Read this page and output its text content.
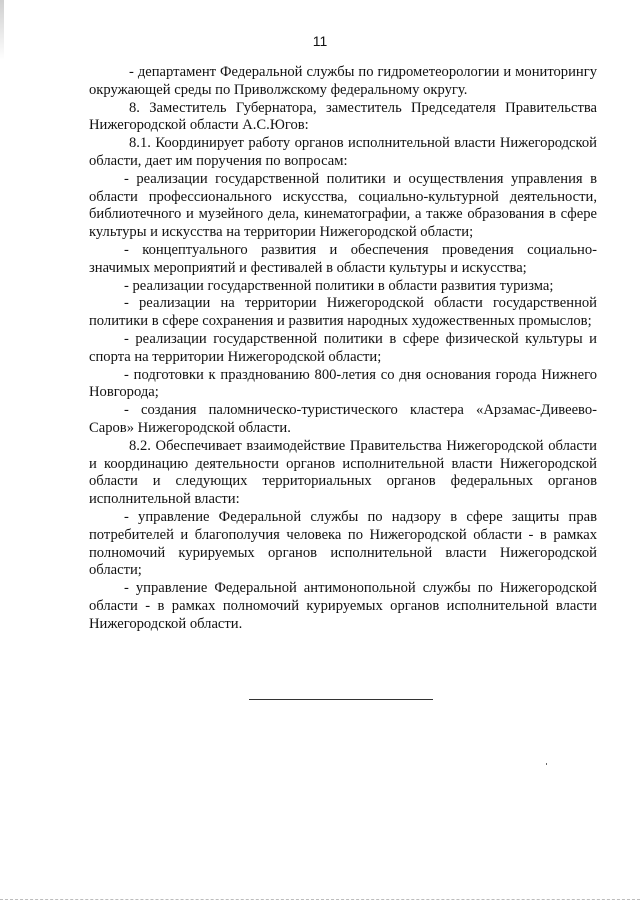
11

- департамент Федеральной службы по гидрометеорологии и мониторингу окружающей среды по Приволжскому федеральному округу.

8. Заместитель Губернатора, заместитель Председателя Правительства Нижегородской области А.С.Югов:

8.1. Координирует работу органов исполнительной власти Нижегородской области, дает им поручения по вопросам:

- реализации государственной политики и осуществления управления в области профессионального искусства, социально-культурной деятельности, библиотечного и музейного дела, кинематографии, а также образования в сфере культуры и искусства на территории Нижегородской области;

- концептуального развития и обеспечения проведения социально-значимых мероприятий и фестивалей в области культуры и искусства;

- реализации государственной политики в области развития туризма;

- реализации на территории Нижегородской области государственной политики в сфере сохранения и развития народных художественных промыслов;

- реализации государственной политики в сфере физической культуры и спорта на территории Нижегородской области;

- подготовки к празднованию 800-летия со дня основания города Нижнего Новгорода;

- создания паломническо-туристического кластера «Арзамас-Дивеево-Саров» Нижегородской области.

8.2. Обеспечивает взаимодействие Правительства Нижегородской области и координацию деятельности органов исполнительной власти Нижегородской области и следующих территориальных органов федеральных органов исполнительной власти:

- управление Федеральной службы по надзору в сфере защиты прав потребителей и благополучия человека по Нижегородской области - в рамках полномочий курируемых органов исполнительной власти Нижегородской области;

- управление Федеральной антимонопольной службы по Нижегородской области - в рамках полномочий курируемых органов исполнительной власти Нижегородской области.
